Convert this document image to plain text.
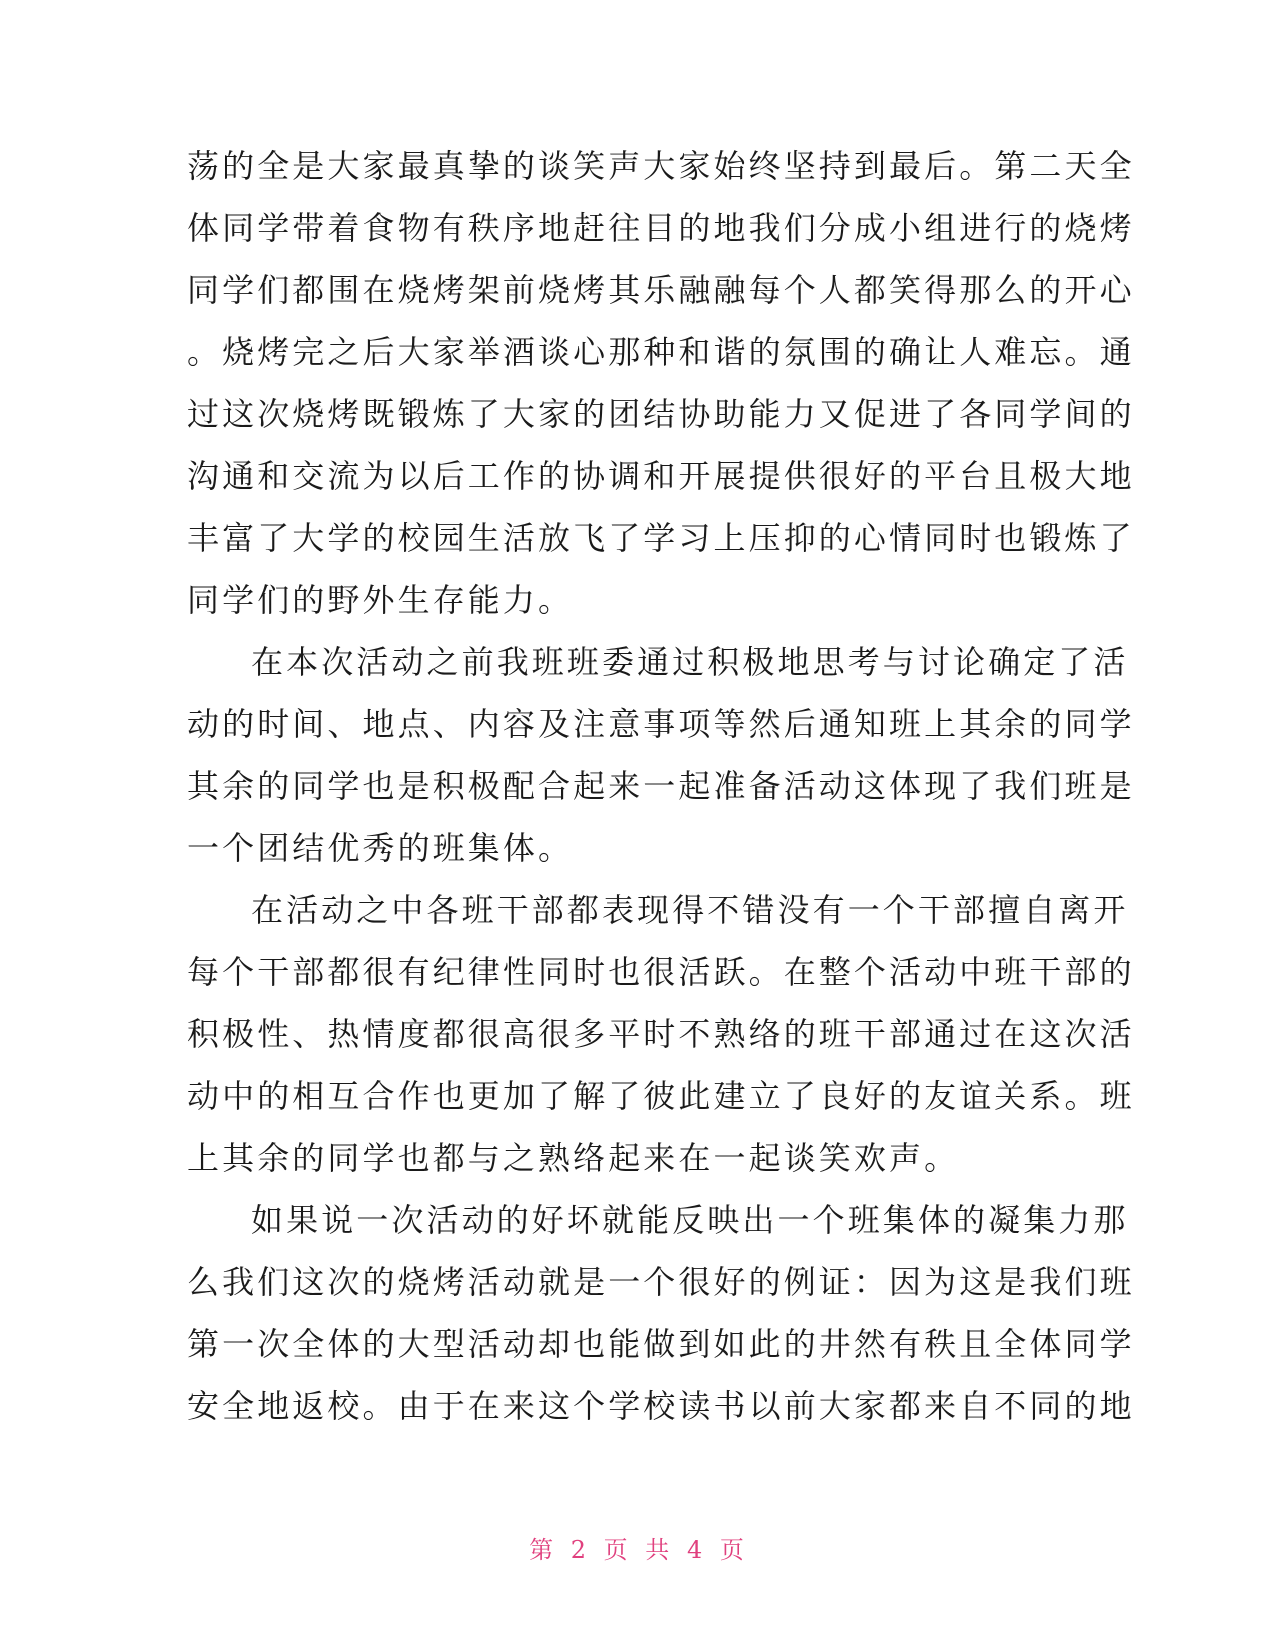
荡的全是大家最真挚的谈笑声大家始终坚持到最后。第二天全
体同学带着食物有秩序地赶往目的地我们分成小组进行的烧烤
同学们都围在烧烤架前烧烤其乐融融每个人都笑得那么的开心
。烧烤完之后大家举酒谈心那种和谐的氛围的确让人难忘。通
过这次烧烤既锻炼了大家的团结协助能力又促进了各同学间的
沟通和交流为以后工作的协调和开展提供很好的平台且极大地
丰富了大学的校园生活放飞了学习上压抑的心情同时也锻炼了
同学们的野外生存能力。
在本次活动之前我班班委通过积极地思考与讨论确定了活
动的时间、地点、内容及注意事项等然后通知班上其余的同学
其余的同学也是积极配合起来一起准备活动这体现了我们班是
一个团结优秀的班集体。
在活动之中各班干部都表现得不错没有一个干部擅自离开
每个干部都很有纪律性同时也很活跃。在整个活动中班干部的
积极性、热情度都很高很多平时不熟络的班干部通过在这次活
动中的相互合作也更加了解了彼此建立了良好的友谊关系。班
上其余的同学也都与之熟络起来在一起谈笑欢声。
如果说一次活动的好坏就能反映出一个班集体的凝集力那
么我们这次的烧烤活动就是一个很好的例证：因为这是我们班
第一次全体的大型活动却也能做到如此的井然有秩且全体同学
安全地返校。由于在来这个学校读书以前大家都来自不同的地
第 2 页 共 4 页
